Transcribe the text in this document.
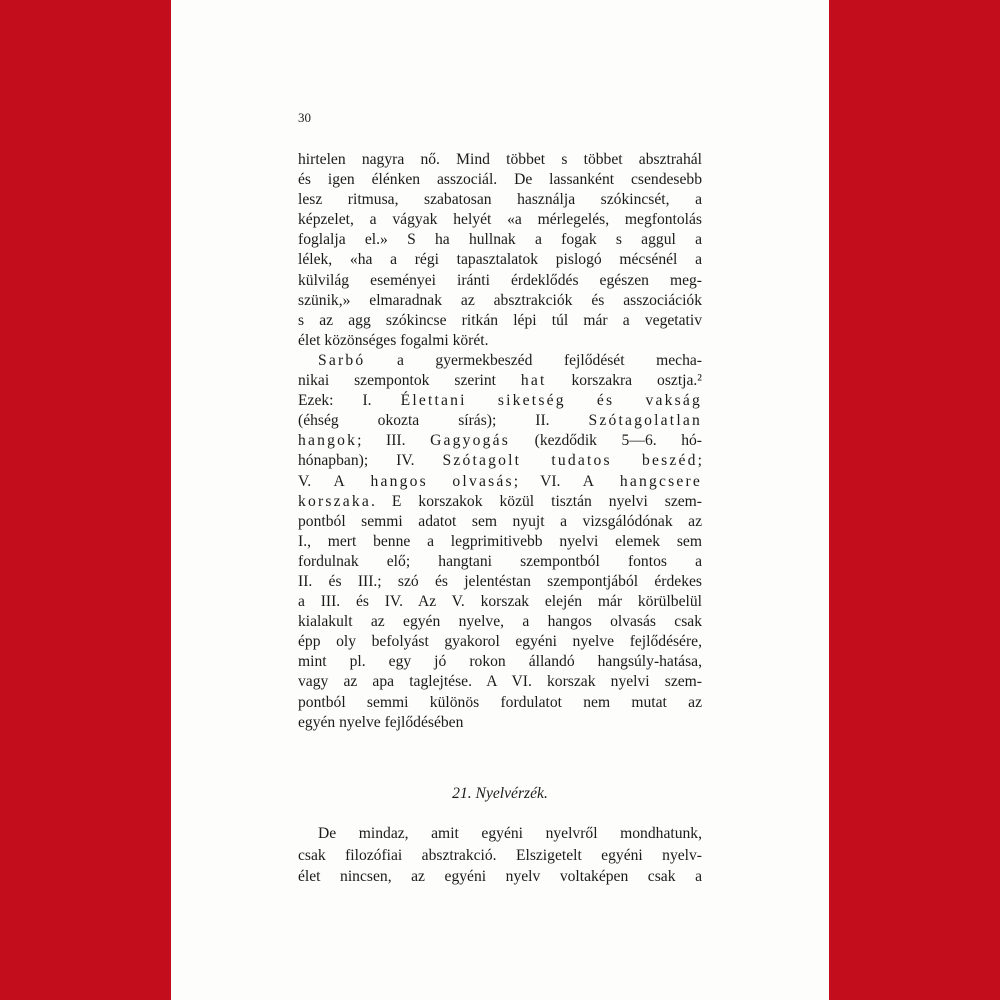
30
hirtelen nagyra nő. Mind többet s többet absztrahál
és igen élénken asszociál. De lassanként csendesebb
lesz ritmusa, szabatosan használja szókincsét, a
képzelet, a vágyak helyét «a mérlegelés, megfontolás
foglalja el.» S ha hullnak a fogak s aggul a
lélek, «ha a régi tapasztalatok pislogó mécsénél a
külvilág eseményei iránti érdeklődés egészen meg-
szünik,» elmaradnak az absztrakciók és asszociációk
s az agg szókincse ritkán lépi túl már a vegetativ
élet közönséges fogalmi körét.
Sarbó a gyermekbeszéd fejlődését mecha-
nikai szempontok szerint hat korszakra osztja.²
Ezek: I. Élettani siketség és vakság
(éhség okozta sírás); II. Szótagolatlan
hangok; III. Gagyogás (kezdődik 5—6. hó-
hónapban); IV. Szótagolt tudatos beszéd;
V. A hangos olvasás; VI. A hangcsere
korszaka. E korszakok közül tisztán nyelvi szem-
pontból semmi adatot sem nyujt a vizsgálódónak az
I., mert benne a legprimitivebb nyelvi elemek sem
fordulnak elő; hangtani szempontból fontos a
II. és III.; szó és jelentéstan szempontjából érdekes
a III. és IV. Az V. korszak elején már körülbelül
kialakult az egyén nyelve, a hangos olvasás csak
épp oly befolyást gyakorol egyéni nyelve fejlődésére,
mint pl. egy jó rokon állandó hangsúly-hatása,
vagy az apa taglejtése. A VI. korszak nyelvi szem-
pontból semmi különös fordulatot nem mutat az
egyén nyelve fejlődésében
21. Nyelvérzék.
De mindaz, amit egyéni nyelvről mondhatunk,
csak filozófiai absztrakció. Elszigetelt egyéni nyelv-
élet nincsen, az egyéni nyelv voltaképen csak a
